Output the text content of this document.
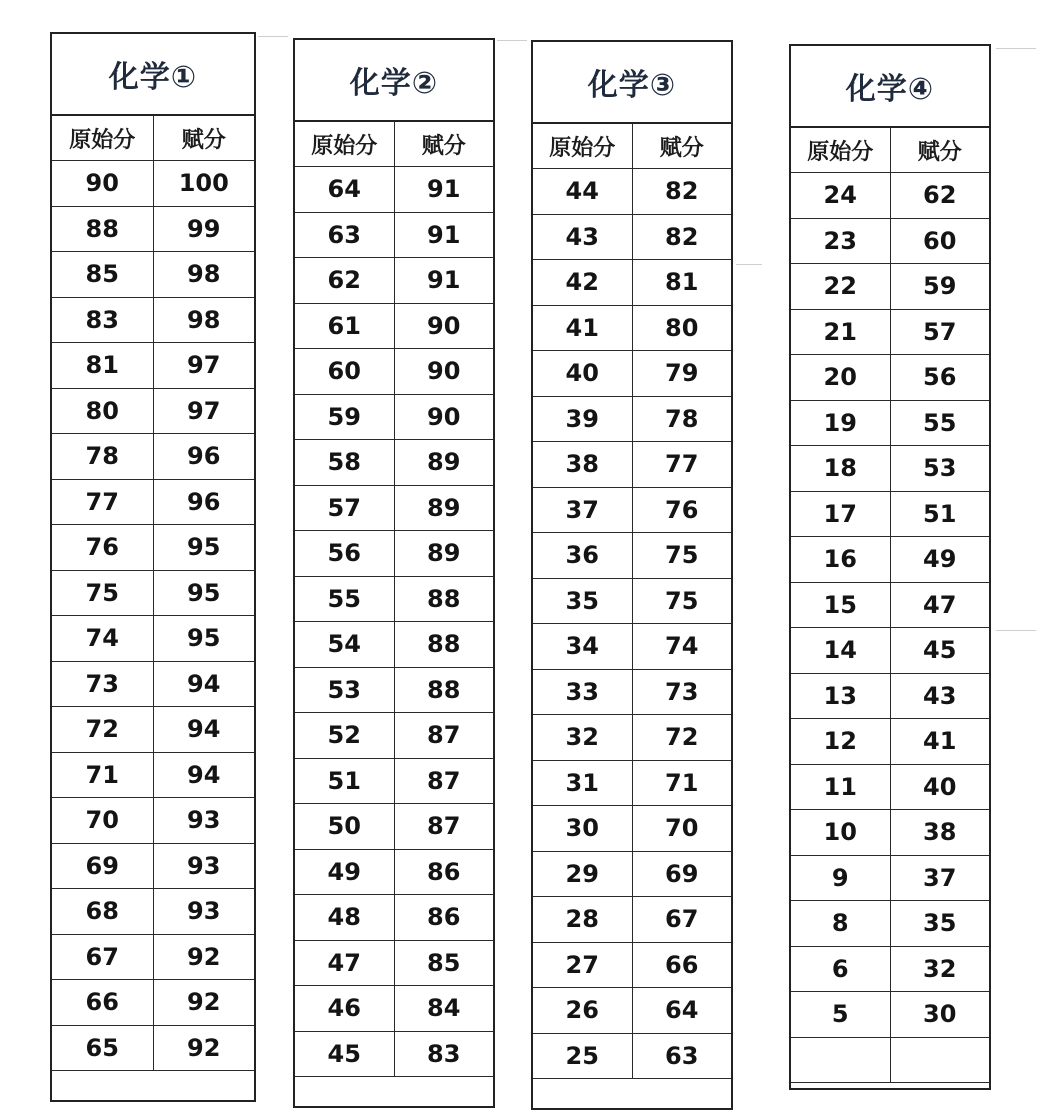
化学①
原始分	赋分
90	100
88	99
85	98
83	98
81	97
80	97
78	96
77	96
76	95
75	95
74	95
73	94
72	94
71	94
70	93
69	93
68	93
67	92
66	92
65	92
化学②
原始分	赋分
64	91
63	91
62	91
61	90
60	90
59	90
58	89
57	89
56	89
55	88
54	88
53	88
52	87
51	87
50	87
49	86
48	86
47	85
46	84
45	83
化学③
原始分	赋分
44	82
43	82
42	81
41	80
40	79
39	78
38	77
37	76
36	75
35	75
34	74
33	73
32	72
31	71
30	70
29	69
28	67
27	66
26	64
25	63
化学④
原始分	赋分
24	62
23	60
22	59
21	57
20	56
19	55
18	53
17	51
16	49
15	47
14	45
13	43
12	41
11	40
10	38
9	37
8	35
6	32
5	30
